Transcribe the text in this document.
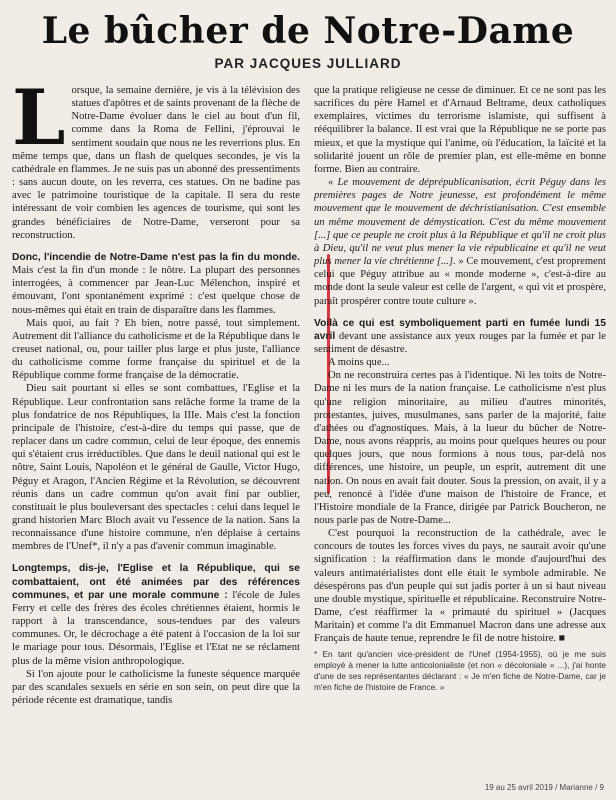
Le bûcher de Notre-Dame
PAR JACQUES JULLIARD

Lorsque, la semaine dernière, je vis à la télévision des statues d'apôtres et de saints provenant de la flèche de Notre-Dame évoluer dans le ciel au bout d'un fil, comme dans la Roma de Fellini, j'éprouvai le sentiment soudain que nous ne les reverrions plus. En même temps que, dans un flash de quelques secondes, je vis la cathédrale en flammes. Je ne suis pas un abonné des pressentiments : sans aucun doute, on les reverra, ces statues. On ne badine pas avec le patrimoine touristique de la capitale. Il sera du reste intéressant de voir combien les agences de tourisme, qui sont les grandes bénéficiaires de Notre-Dame, verseront pour sa reconstruction.

Donc, l'incendie de Notre-Dame n'est pas la fin du monde. Mais c'est la fin d'un monde : le nôtre. La plupart des personnes interrogées, à commencer par Jean-Luc Mélenchon, inspiré et émouvant, l'ont spontanément exprimé : c'est quelque chose de nous-mêmes qui était en train de disparaître dans les flammes.

Mais quoi, au fait ? Eh bien, notre passé, tout simplement. Autrement dit l'alliance du catholicisme et de la République dans le creuset national, ou, pour tailler plus large et plus juste, l'alliance du catholicisme comme forme française du spirituel et de la République comme forme française de la démocratie.

Dieu sait pourtant si elles se sont combattues, l'Eglise et la République. Leur confrontation sans relâche forme la trame de la plus fondatrice de nos Républiques, la IIIe. Mais c'est la fonction principale de l'histoire, c'est-à-dire du temps qui passe, que de replacer dans un cadre commun, celui de leur époque, des ennemis qui s'étaient crus irréductibles. Que dans le deuil national qui est le nôtre, Saint Louis, Napoléon et le général de Gaulle, Victor Hugo, Péguy et Aragon, l'Ancien Régime et la Révolution, se découvrent réunis dans un cadre commun qu'on avait fini par oublier, constituait le plus bouleversant des spectacles : celui dans lequel le grand historien Marc Bloch avait vu l'essence de la nation. Sans la reconnaissance d'une histoire commune, n'en déplaise à certains membres de l'Unef*, il n'y a pas d'avenir commun imaginable.

Longtemps, dis-je, l'Eglise et la République, qui se combattaient, ont été animées par des références communes, et par une morale commune : l'école de Jules Ferry et celle des frères des écoles chrétiennes étaient, hormis le rapport à la transcendance, sous-tendues par des valeurs communes. Or, le décrochage a été patent à l'occasion de la loi sur le mariage pour tous. Désormais, l'Eglise et l'Etat ne se réclament plus de la même vision anthropologique.

Si l'on ajoute pour le catholicisme la funeste séquence marquée par des scandales sexuels en série en son sein, on peut dire que la période récente est dramatique, tandis

que la pratique religieuse ne cesse de diminuer. Et ce ne sont pas les sacrifices du père Hamel et d'Arnaud Beltrame, deux catholiques exemplaires, victimes du terrorisme islamiste, qui suffisent à rééquilibrer la balance. Il est vrai que la République ne se porte pas mieux, et que la mystique qui l'anime, où l'éducation, la laïcité et la solidarité jouent un rôle de premier plan, est elle-même en bonne forme. Bien au contraire.

« Le mouvement de déprépublicanisation, écrit Péguy dans les premières pages de Notre jeunesse, est profondément le même mouvement que le mouvement de déchristianisation. C'est ensemble un même mouvement de démystication. C'est du même mouvement [...] que ce peuple ne croit plus à la République et qu'il ne croit plus à Dieu, qu'il ne veut plus mener la vie républicaine et qu'il ne veut plus mener la vie chrétienne [...]. » Ce mouvement, c'est proprement celui que Péguy attribue au « monde moderne », c'est-à-dire au monde dont la seule valeur est celle de l'argent, « qui vit et prospère, paraît prospérer contre toute culture ».

Voilà ce qui est symboliquement parti en fumée lundi 15 avril devant une assistance aux yeux rouges par la fumée et par le sentiment de désastre.

A moins que...

On ne reconstruira certes pas à l'identique. Ni les toits de Notre-Dame ni les murs de la nation française. Le catholicisme n'est plus qu'une religion minoritaire, au milieu d'autres minorités, protestantes, juives, musulmanes, sans parler de la majorité, faite d'athées ou d'agnostiques. Mais, à la lueur du bûcher de Notre-Dame, nous avons réappris, au moins pour quelques heures ou pour quelques jours, que nous formions à nous tous, par-delà nos différences, une histoire, un peuple, un esprit, autrement dit une nation. On nous en avait fait douter. Sous la pression, on avait, il y a peu, renoncé à l'idée d'une maison de l'histoire de France, et l'Histoire mondiale de la France, dirigée par Patrick Boucheron, ne nous parle pas de Notre-Dame...

C'est pourquoi la reconstruction de la cathédrale, avec le concours de toutes les forces vives du pays, ne saurait avoir qu'une signification : la réaffirmation dans le monde d'aujourd'hui des valeurs antimatérialistes dont elle était le symbole admirable. Ne désespérons pas d'un peuple qui sut jadis porter à un si haut niveau une double mystique, spirituelle et républicaine. Reconstruire Notre-Dame, c'est réaffirmer la « primauté du spirituel » (Jacques Maritain) et comme l'a dit Emmanuel Macron dans une adresse aux Français de haute tenue, reprendre le fil de notre histoire. ■

* En tant qu'ancien vice-président de l'Unef (1954-1955), où je me suis employé à mener la lutte anticolonialiste (et non « décoloniale » ...), j'ai honte d'une de ses représentantes déclarant : « Je m'en fiche de Notre-Dame, car je m'en fiche de l'histoire de France. »
19 au 25 avril 2019 / Marianne / 9
